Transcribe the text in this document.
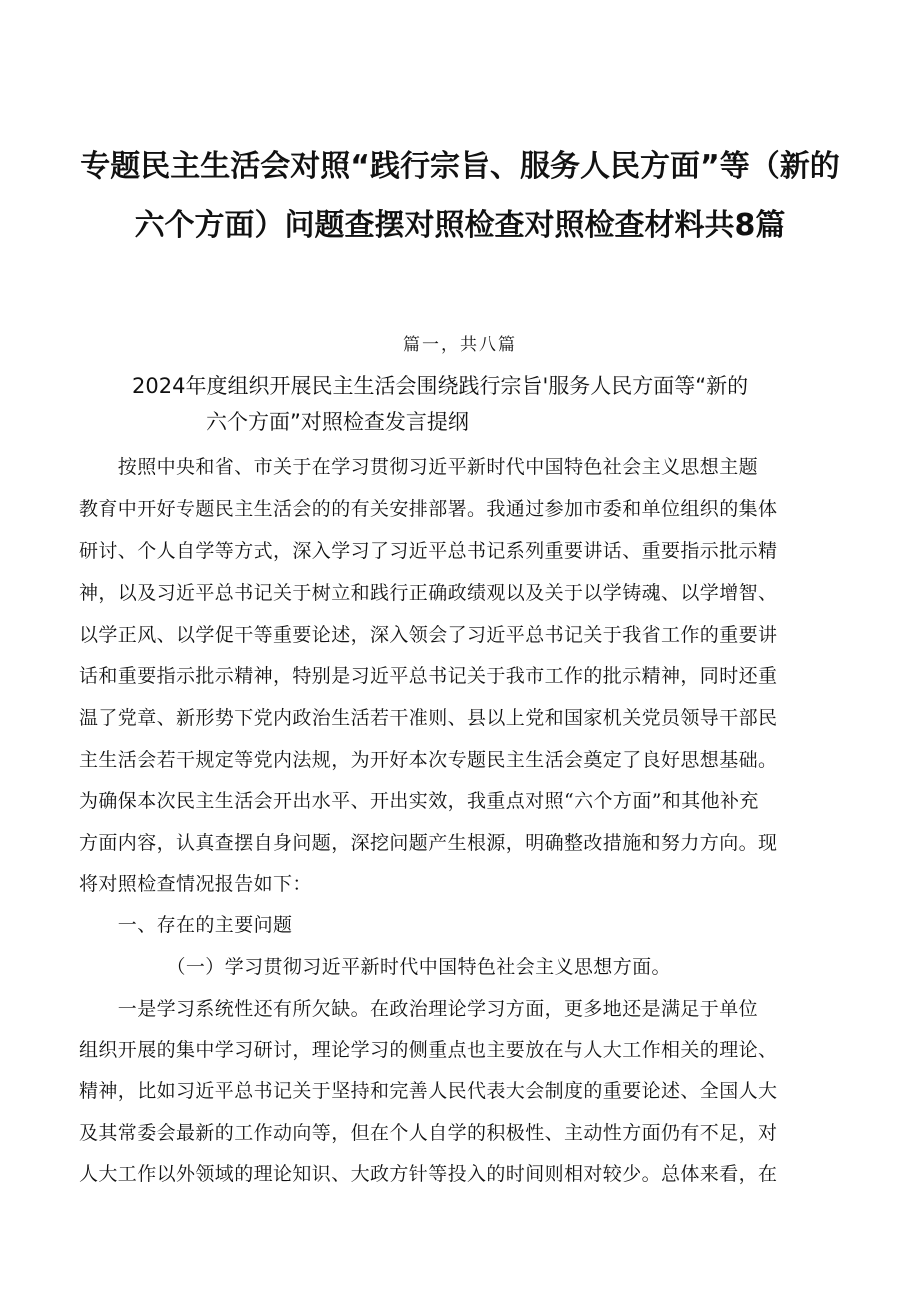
专题民主生活会对照“践行宗旨、服务人民方面”等（新的
六个方面）问题查摆对照检查对照检查材料共8篇
篇一，共八篇
2024年度组织开展民主生活会围绕践行宗旨'服务人民方面等“新的
六个方面”对照检查发言提纲
　　按照中央和省、市关于在学习贯彻习近平新时代中国特色社会主义思想主题
教育中开好专题民主生活会的的有关安排部署。我通过参加市委和单位组织的集体
研讨、个人自学等方式，深入学习了习近平总书记系列重要讲话、重要指示批示精
神，以及习近平总书记关于树立和践行正确政绩观以及关于以学铸魂、以学增智、
以学正风、以学促干等重要论述，深入领会了习近平总书记关于我省工作的重要讲
话和重要指示批示精神，特别是习近平总书记关于我市工作的批示精神，同时还重
温了党章、新形势下党内政治生活若干准则、县以上党和国家机关党员领导干部民
主生活会若干规定等党内法规，为开好本次专题民主生活会奠定了良好思想基础。
为确保本次民主生活会开出水平、开出实效，我重点对照“六个方面”和其他补充
方面内容，认真查摆自身问题，深挖问题产生根源，明确整改措施和努力方向。现
将对照检查情况报告如下：
　　一、存在的主要问题
　　　　　（一）学习贯彻习近平新时代中国特色社会主义思想方面。
　　一是学习系统性还有所欠缺。在政治理论学习方面，更多地还是满足于单位
组织开展的集中学习研讨，理论学习的侧重点也主要放在与人大工作相关的理论、
精神，比如习近平总书记关于坚持和完善人民代表大会制度的重要论述、全国人大
及其常委会最新的工作动向等，但在个人自学的积极性、主动性方面仍有不足，对
人大工作以外领域的理论知识、大政方针等投入的时间则相对较少。总体来看，在
